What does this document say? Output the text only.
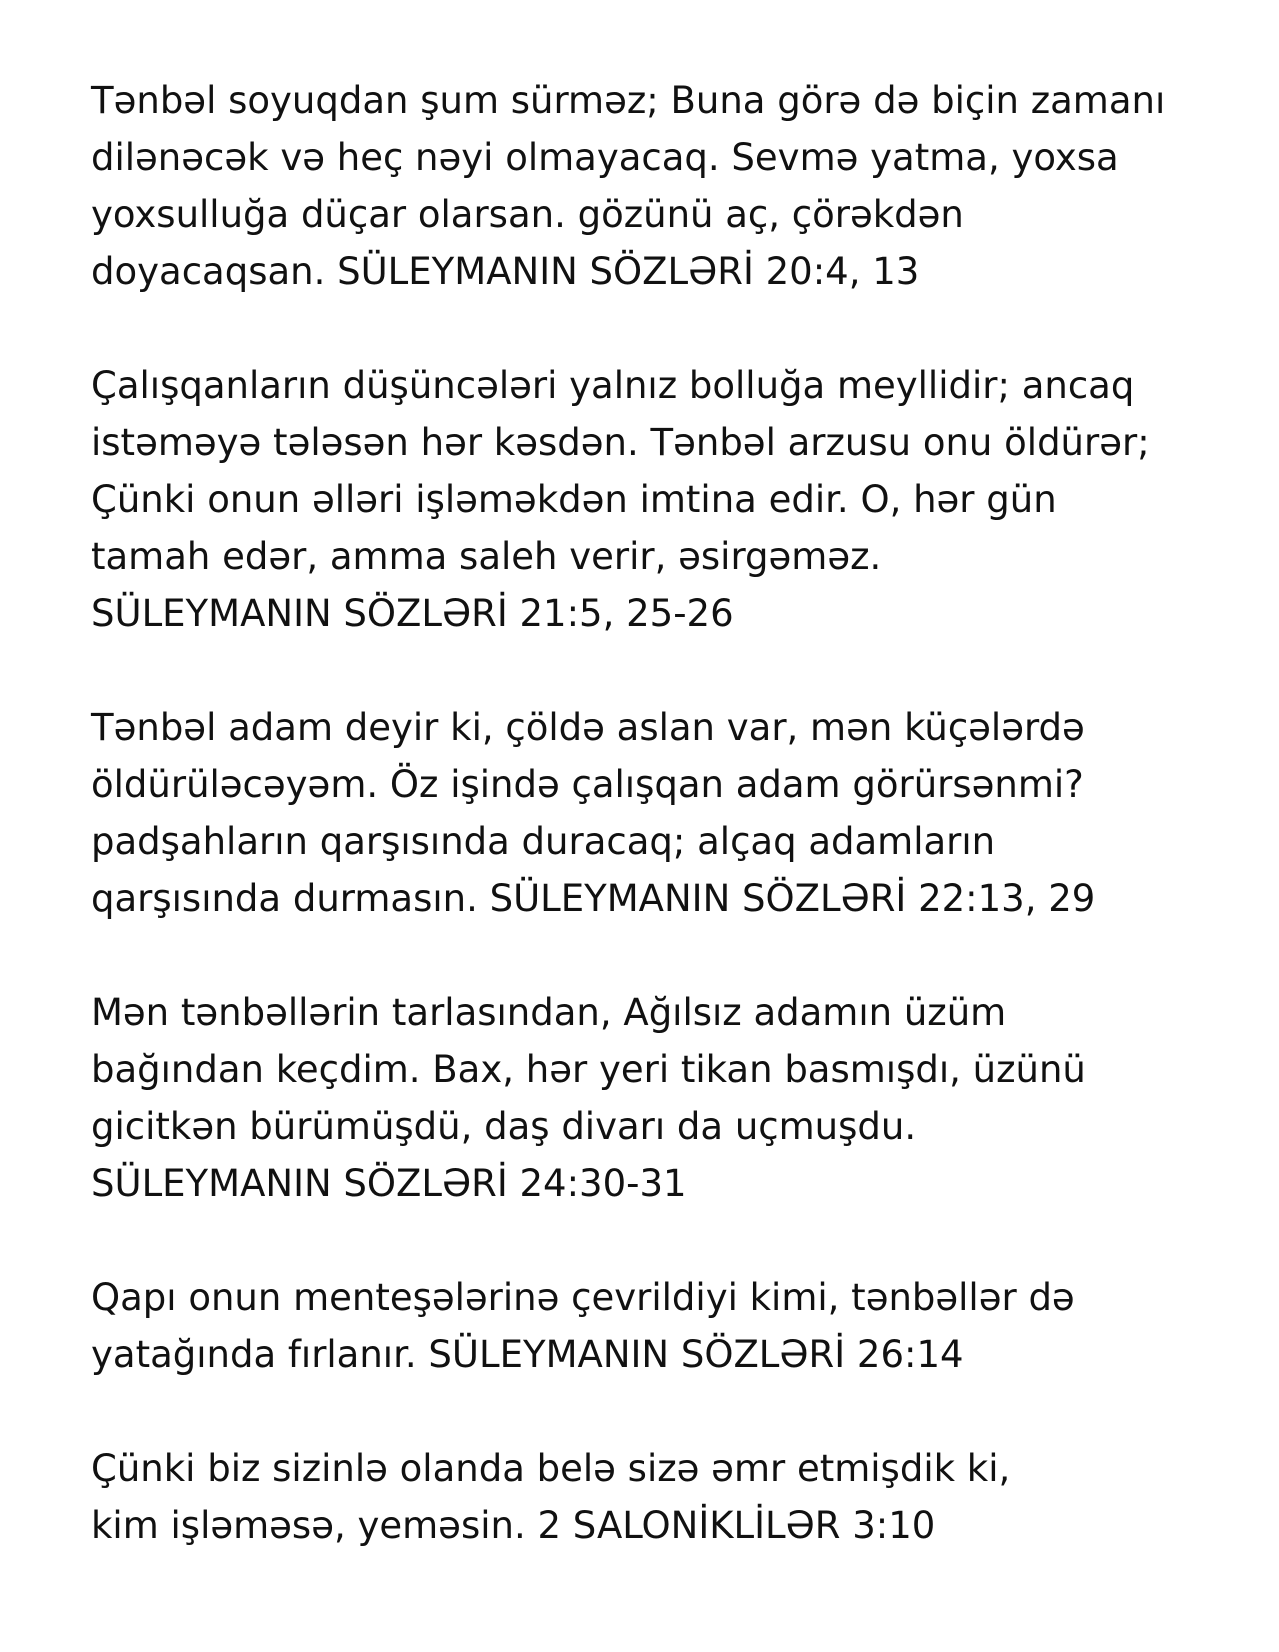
Tənbəl soyuqdan şum sürməz; Buna görə də biçin zamanı
dilənəcək və heç nəyi olmayacaq. Sevmə yatma, yoxsa
yoxsulluğa düçar olarsan. gözünü aç, çörəkdən
doyacaqsan. SÜLEYMANIN SÖZLƏRİ 20:4, 13

Çalışqanların düşüncələri yalnız bolluğa meyllidir; ancaq
istəməyə tələsən hər kəsdən. Tənbəl arzusu onu öldürər;
Çünki onun əlləri işləməkdən imtina edir. O, hər gün
tamah edər, amma saleh verir, əsirgəməz.
SÜLEYMANIN SÖZLƏRİ 21:5, 25-26

Tənbəl adam deyir ki, çöldə aslan var, mən küçələrdə
öldürüləcəyəm. Öz işində çalışqan adam görürsənmi?
padşahların qarşısında duracaq; alçaq adamların
qarşısında durmasın. SÜLEYMANIN SÖZLƏRİ 22:13, 29

Mən tənbəllərin tarlasından, Ağılsız adamın üzüm
bağından keçdim. Bax, hər yeri tikan basmışdı, üzünü
gicitkən bürümüşdü, daş divarı da uçmuşdu.
SÜLEYMANIN SÖZLƏRİ 24:30-31

Qapı onun menteşələrinə çevrildiyi kimi, tənbəllər də
yatağında fırlanır. SÜLEYMANIN SÖZLƏRİ 26:14

Çünki biz sizinlə olanda belə sizə əmr etmişdik ki,
kim işləməsə, yeməsin. 2 SALONİKLİLƏR 3:10
